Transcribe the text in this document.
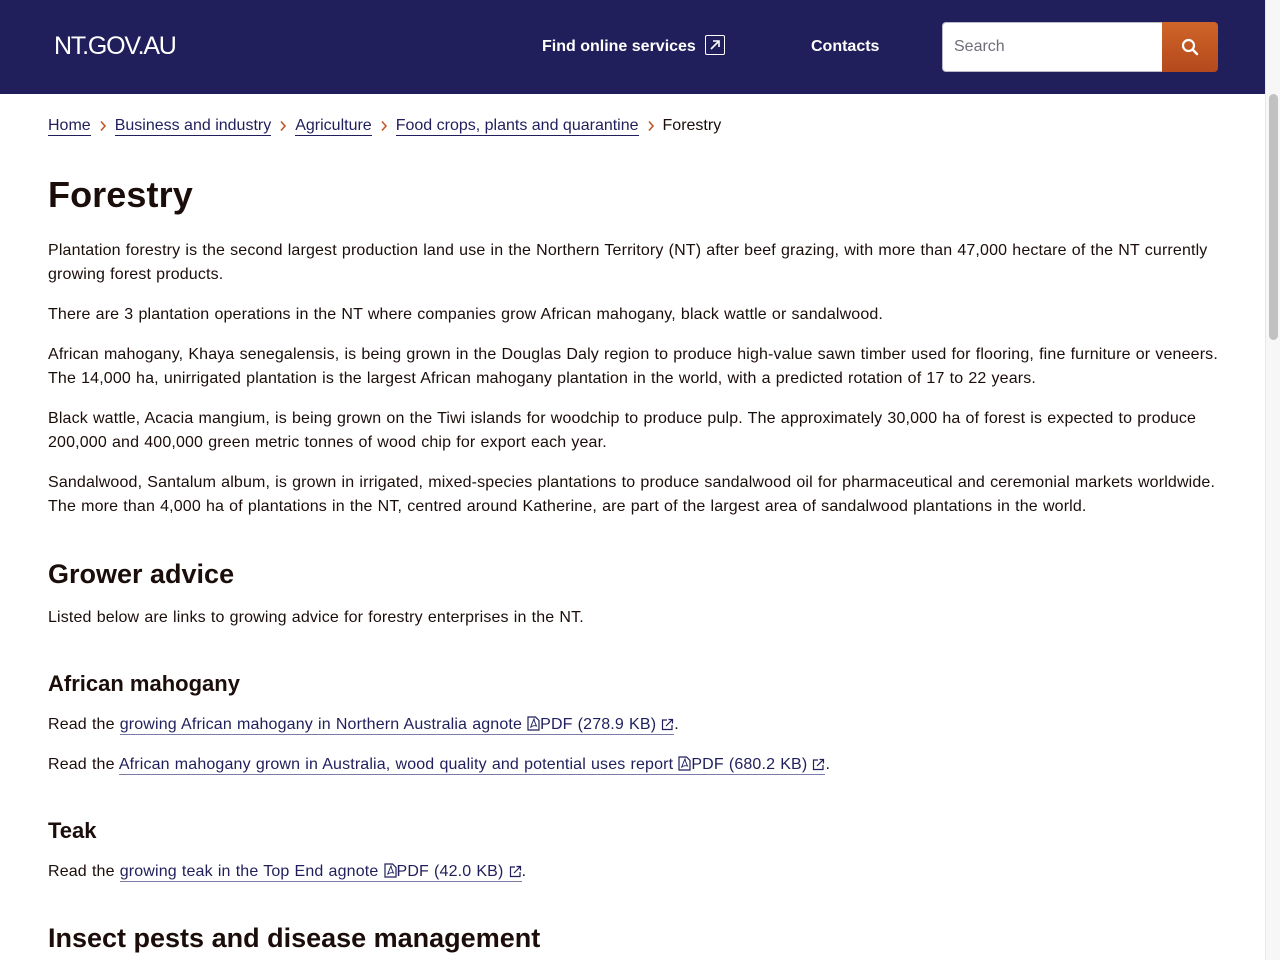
NT.GOV.AU	Find online services	Contacts
Search
Home Business and industry Agriculture Food crops, plants and quarantine Forestry
Forestry

Plantation forestry is the second largest production land use in the Northern Territory (NT) after beef grazing, with more than 47,000 hectare of the NT currently growing forest products.

There are 3 plantation operations in the NT where companies grow African mahogany, black wattle or sandalwood.

African mahogany, Khaya senegalensis, is being grown in the Douglas Daly region to produce high-value sawn timber used for flooring, fine furniture or veneers. The 14,000 ha, unirrigated plantation is the largest African mahogany plantation in the world, with a predicted rotation of 17 to 22 years.

Black wattle, Acacia mangium, is being grown on the Tiwi islands for woodchip to produce pulp. The approximately 30,000 ha of forest is expected to produce 200,000 and 400,000 green metric tonnes of wood chip for export each year.

Sandalwood, Santalum album, is grown in irrigated, mixed-species plantations to produce sandalwood oil for pharmaceutical and ceremonial markets worldwide. The more than 4,000 ha of plantations in the NT, centred around Katherine, are part of the largest area of sandalwood plantations in the world.

Grower advice

Listed below are links to growing advice for forestry enterprises in the NT.

African mahogany

Read the growing African mahogany in Northern Australia agnote PDF (278.9 KB) .

Read the African mahogany grown in Australia, wood quality and potential uses report PDF (680.2 KB) .

Teak

Read the growing teak in the Top End agnote PDF (42.0 KB) .

Insect pests and disease management
